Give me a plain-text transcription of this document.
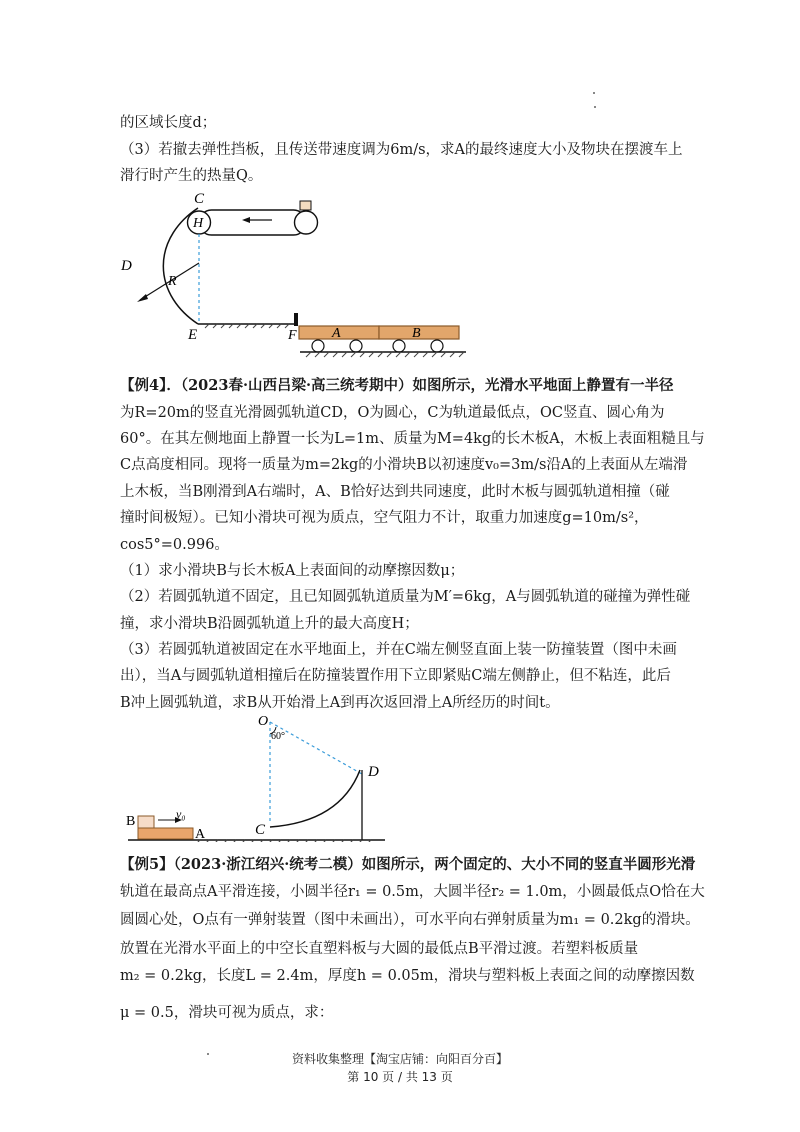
的区域长度d；
（3）若撤去弹性挡板，且传送带速度调为6m/s，求A的最终速度大小及物块在摆渡车上
滑行时产生的热量Q。
C
H
D
R
E	F	A	B
【例4】．（2023春·山西吕梁·高三统考期中）如图所示，光滑水平地面上静置有一半径
为R=20m的竖直光滑圆弧轨道CD，O为圆心，C为轨道最低点，OC竖直、圆心角为
60°。在其左侧地面上静置一长为L=1m、质量为M=4kg的长木板A，木板上表面粗糙且与
C点高度相同。现将一质量为m=2kg的小滑块B以初速度v₀=3m/s沿A的上表面从左端滑
上木板，当B刚滑到A右端时，A、B恰好达到共同速度，此时木板与圆弧轨道相撞（碰
撞时间极短）。已知小滑块可视为质点，空气阻力不计，取重力加速度g=10m/s²，
cos5°=0.996。
（1）求小滑块B与长木板A上表面间的动摩擦因数μ；
（2）若圆弧轨道不固定，且已知圆弧轨道质量为M′=6kg，A与圆弧轨道的碰撞为弹性碰
撞，求小滑块B沿圆弧轨道上升的最大高度H；
（3）若圆弧轨道被固定在水平地面上，并在C端左侧竖直面上装一防撞装置（图中未画
出），当A与圆弧轨道相撞后在防撞装置作用下立即紧贴C端左侧静止，但不粘连，此后
B冲上圆弧轨道，求B从开始滑上A到再次返回滑上A所经历的时间t。
O
60°
D
C
B
A
v₀
【例5】（2023·浙江绍兴·统考二模）如图所示，两个固定的、大小不同的竖直半圆形光滑
轨道在最高点A平滑连接，小圆半径r₁ = 0.5m，大圆半径r₂ = 1.0m，小圆最低点O恰在大
圆圆心处，O点有一弹射装置（图中未画出），可水平向右弹射质量为m₁ = 0.2kg的滑块。
放置在光滑水平面上的中空长直塑料板与大圆的最低点B平滑过渡。若塑料板质量
m₂ = 0.2kg，长度L = 2.4m，厚度h = 0.05m，滑块与塑料板上表面之间的动摩擦因数
μ = 0.5，滑块可视为质点，求：
资料收集整理【淘宝店铺：向阳百分百】
第 10 页 / 共 13 页
